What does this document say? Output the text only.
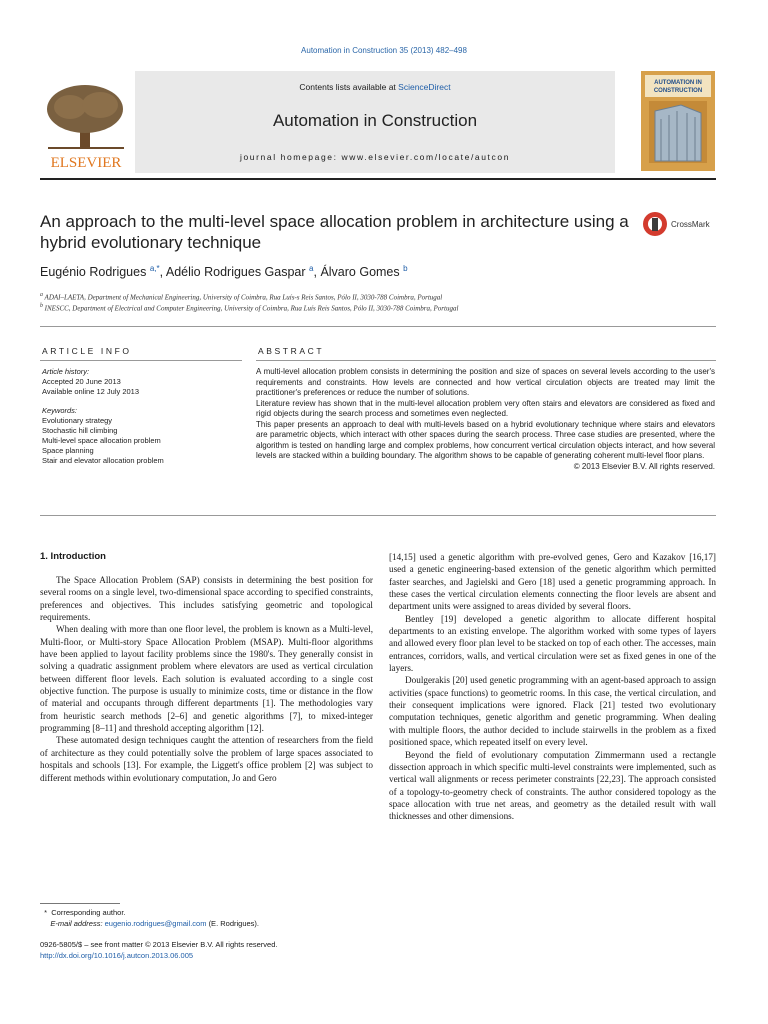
Automation in Construction 35 (2013) 482–498
ELSEVIER
Contents lists available at ScienceDirect
Automation in Construction
journal homepage: www.elsevier.com/locate/autcon
AUTOMATION IN
CONSTRUCTION
An approach to the multi-level space allocation problem in architecture using a hybrid evolutionary technique
CrossMark
Eugénio Rodrigues $^{a,*}$, Adélio Rodrigues Gaspar $^a$, Álvaro Gomes $^b$
$^a$ ADAI–LAETA, Department of Mechanical Engineering, University of Coimbra, Rua Luís-s Reis Santos, Pólo II, 3030-788 Coimbra, Portugal
$^b$ INESCC, Department of Electrical and Computer Engineering, University of Coimbra, Rua Luís Reis Santos, Pólo II, 3030-788 Coimbra, Portugal
ARTICLE INFO	ABSTRACT
Article history:
Accepted 20 June 2013
Available online 12 July 2013
Keywords:
Evolutionary strategy
Stochastic hill climbing
Multi-level space allocation problem
Space planning
Stair and elevator allocation problem

A multi-level allocation problem consists in determining the position and size of spaces on several levels according to the user's requirements and constraints. How levels are connected and how vertical circulation objects are treated may limit the practitioner's preferences or reduce the number of solutions.

Literature review has shown that in the multi-level allocation problem very often stairs and elevators are considered as fixed and rigid objects during the search process and sometimes even neglected.

This paper presents an approach to deal with multi-levels based on a hybrid evolutionary technique where stairs and elevators are parametric objects, which interact with other spaces during the search process. Three case studies are presented, where the algorithm is tested on handling large and complex problems, how concurrent vertical circulation objects interact, and how several levels are stacked within a building boundary. The algorithm shows to be capable of generating coherent multi-level floor plans.

© 2013 Elsevier B.V. All rights reserved.

1. Introduction

The Space Allocation Problem (SAP) consists in determining the best position for several rooms on a single level, two-dimensional space according to specified constraints, preferences and objectives. This includes satisfying geometric and topological requirements.

When dealing with more than one floor level, the problem is known as a Multi-level, Multi-floor, or Multi-story Space Allocation Problem (MSAP). Multi-floor algorithms have been applied to layout facility problems since the 1980's. They generally consist in solving a quadratic assignment problem where elevators are used as vertical circulation between different floor levels. Each solution is evaluated according to a single cost objective function. The purpose is usually to minimize costs, time or distance in the flow of material and occupants through different departments [1]. The methodologies vary from heuristic search methods [2–6] and genetic algorithms [7], to mixed-integer programming [8–11] and threshold accepting algorithm [12].

These automated design techniques caught the attention of researchers from the field of architecture as they could potentially solve the problem of large spaces associated to hospitals and schools [13]. For example, the Liggett's office problem [2] was subject to different methods within evolutionary computation, Jo and Gero

[14,15] used a genetic algorithm with pre-evolved genes, Gero and Kazakov [16,17] used a genetic engineering-based extension of the genetic algorithm which permitted faster searches, and Jagielski and Gero [18] used a genetic programming approach. In these cases the vertical circulation elements connecting the floor levels are absent and department units were assigned to areas divided by several floors.

Bentley [19] developed a genetic algorithm to allocate different hospital departments to an existing envelope. The algorithm worked with some types of layers and allowed every floor plan level to be stacked on top of each other. The accesses, main entrances, corridors, walls, and vertical circulation were set as fixed genes in one of the layers.

Doulgerakis [20] used genetic programming with an agent-based approach to assign activities (space functions) to geometric rooms. In this case, the vertical circulation, and their consequent implications were ignored. Flack [21] tested two evolutionary computation techniques, genetic algorithm and genetic programming. When dealing with multiple floors, the author decided to include stairwells in the problem as a fixed positioned space, which repeated itself on every level.

Beyond the field of evolutionary computation Zimmermann used a rectangle dissection approach in which specific multi-level constraints were implemented, such as vertical wall alignments or recess perimeter constraints [22,23]. The approach consisted of a topology-to-geometry check of constraints. The author considered topology as the space allocation with true net areas, and geometry as the detailed result with wall thicknesses and other dimensions.

* Corresponding author.
E-mail address: eugenio.rodrigues@gmail.com (E. Rodrigues).
0926-5805/$ – see front matter © 2013 Elsevier B.V. All rights reserved.
http://dx.doi.org/10.1016/j.autcon.2013.06.005
